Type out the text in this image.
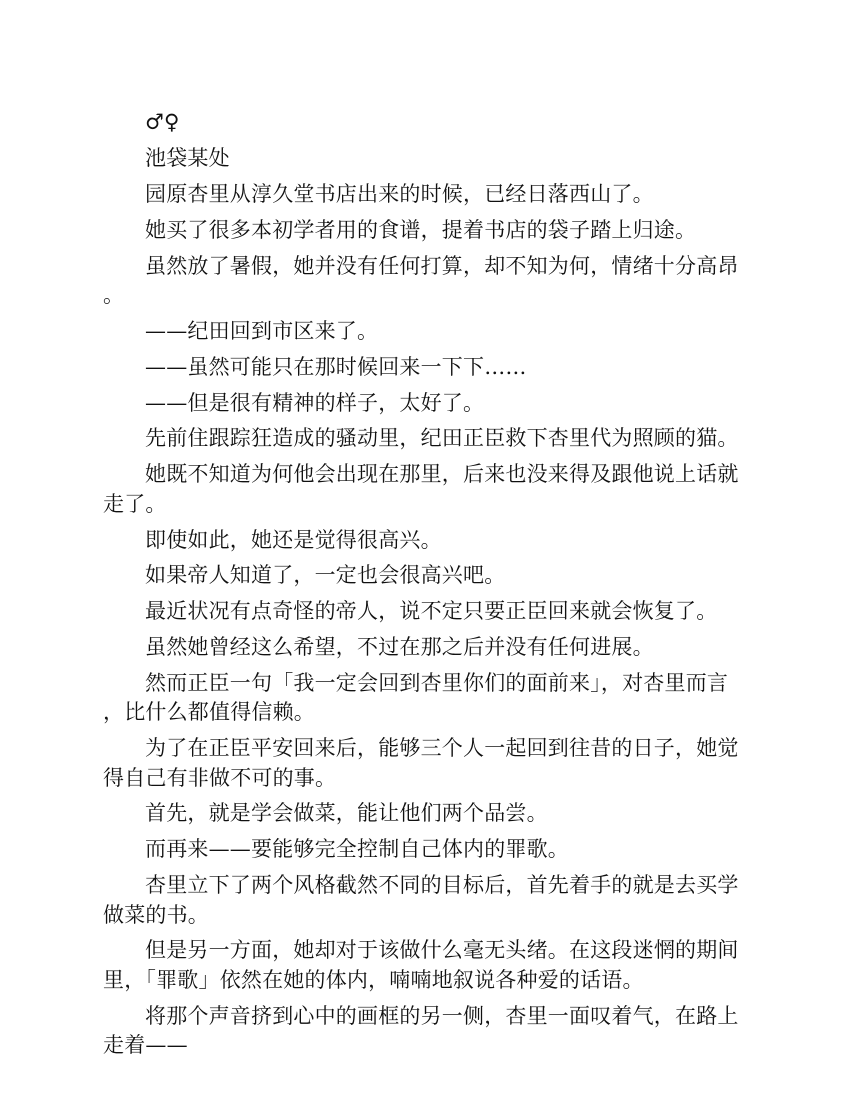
♂♀

池袋某处

园原杏里从淳久堂书店出来的时候，已经日落西山了。

她买了很多本初学者用的食谱，提着书店的袋子踏上归途。

虽然放了暑假，她并没有任何打算，却不知为何，情绪十分高昂。

——纪田回到市区来了。

——虽然可能只在那时候回来一下下……

——但是很有精神的样子，太好了。

先前住跟踪狂造成的骚动里，纪田正臣救下杏里代为照顾的猫。

她既不知道为何他会出现在那里，后来也没来得及跟他说上话就走了。

即使如此，她还是觉得很高兴。

如果帝人知道了，一定也会很高兴吧。

最近状况有点奇怪的帝人，说不定只要正臣回来就会恢复了。

虽然她曾经这么希望，不过在那之后并没有任何进展。

然而正臣一句「我一定会回到杏里你们的面前来」，对杏里而言，比什么都值得信赖。

为了在正臣平安回来后，能够三个人一起回到往昔的日子，她觉得自己有非做不可的事。

首先，就是学会做菜，能让他们两个品尝。

而再来——要能够完全控制自己体内的罪歌。

杏里立下了两个风格截然不同的目标后，首先着手的就是去买学做菜的书。

但是另一方面，她却对于该做什么毫无头绪。在这段迷惘的期间里，「罪歌」依然在她的体内，喃喃地叙说各种爱的话语。

将那个声音挤到心中的画框的另一侧，杏里一面叹着气，在路上走着——
